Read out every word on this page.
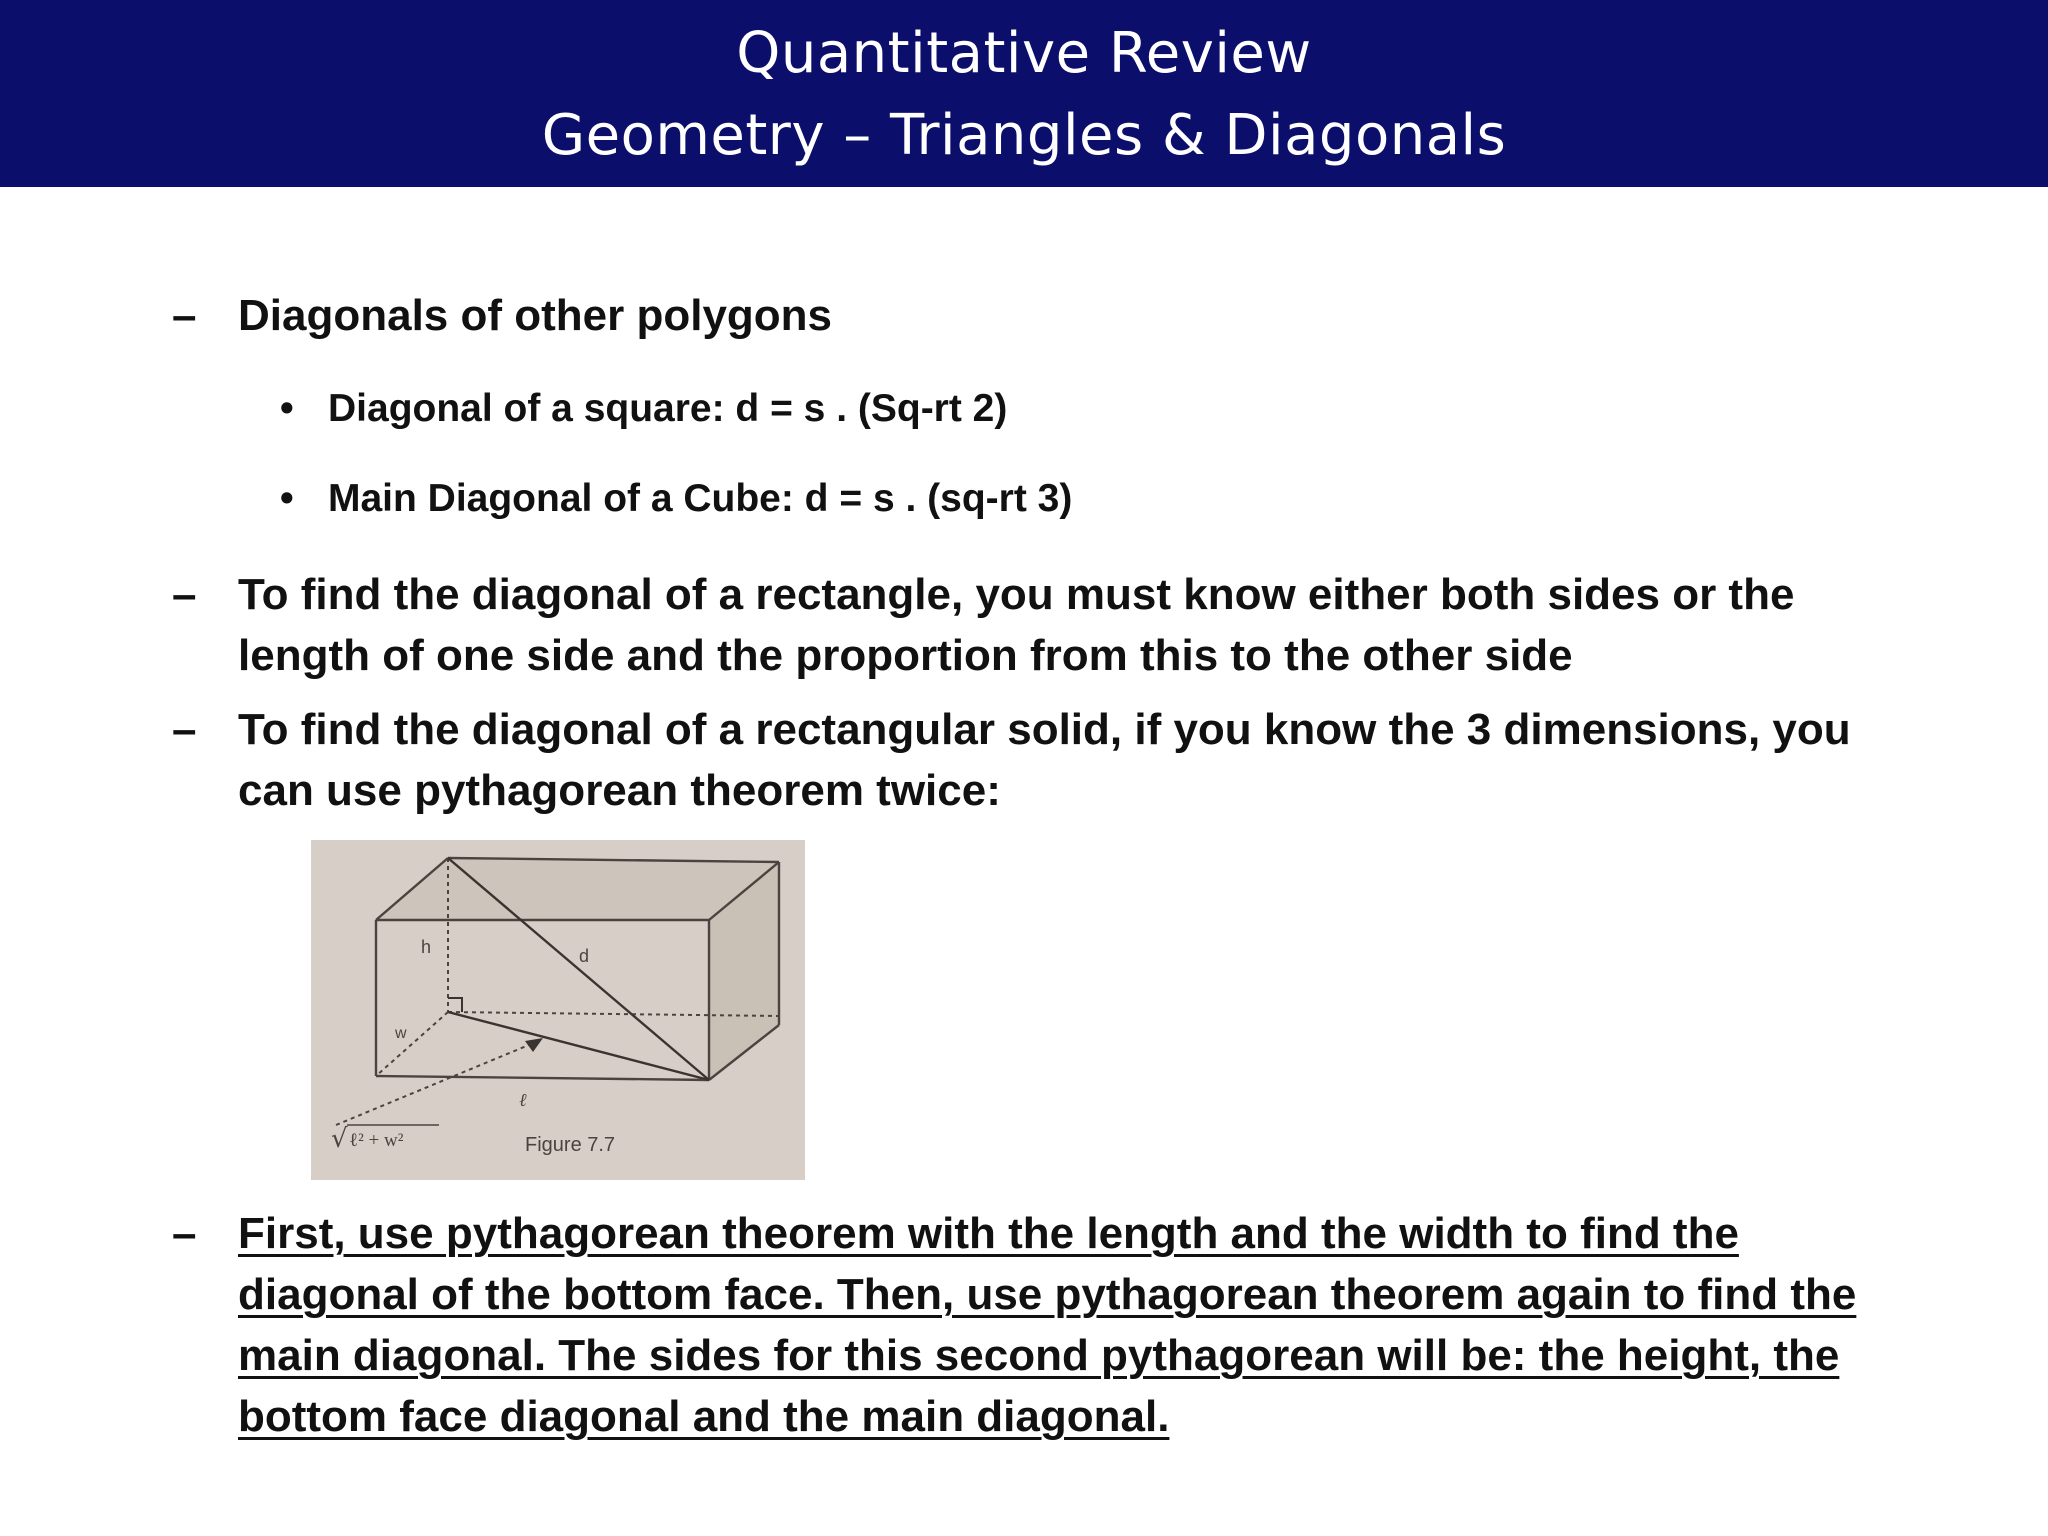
Quantitative Review
Geometry – Triangles & Diagonals
– Diagonals of other polygons
• Diagonal of a square: d = s . (Sq-rt 2)
• Main Diagonal of a Cube: d = s . (sq-rt 3)
– To find the diagonal of a rectangle, you must know either both sides or the length of one side and the proportion from this to the other side
– To find the diagonal of a rectangular solid, if you know the 3 dimensions, you can use pythagorean theorem twice:
h	d
w
ℓ
√ ℓ² + w²	Figure 7.7
– First, use pythagorean theorem with the length and the width to find the diagonal of the bottom face. Then, use pythagorean theorem again to find the main diagonal. The sides for this second pythagorean will be: the height, the bottom face diagonal and the main diagonal.
